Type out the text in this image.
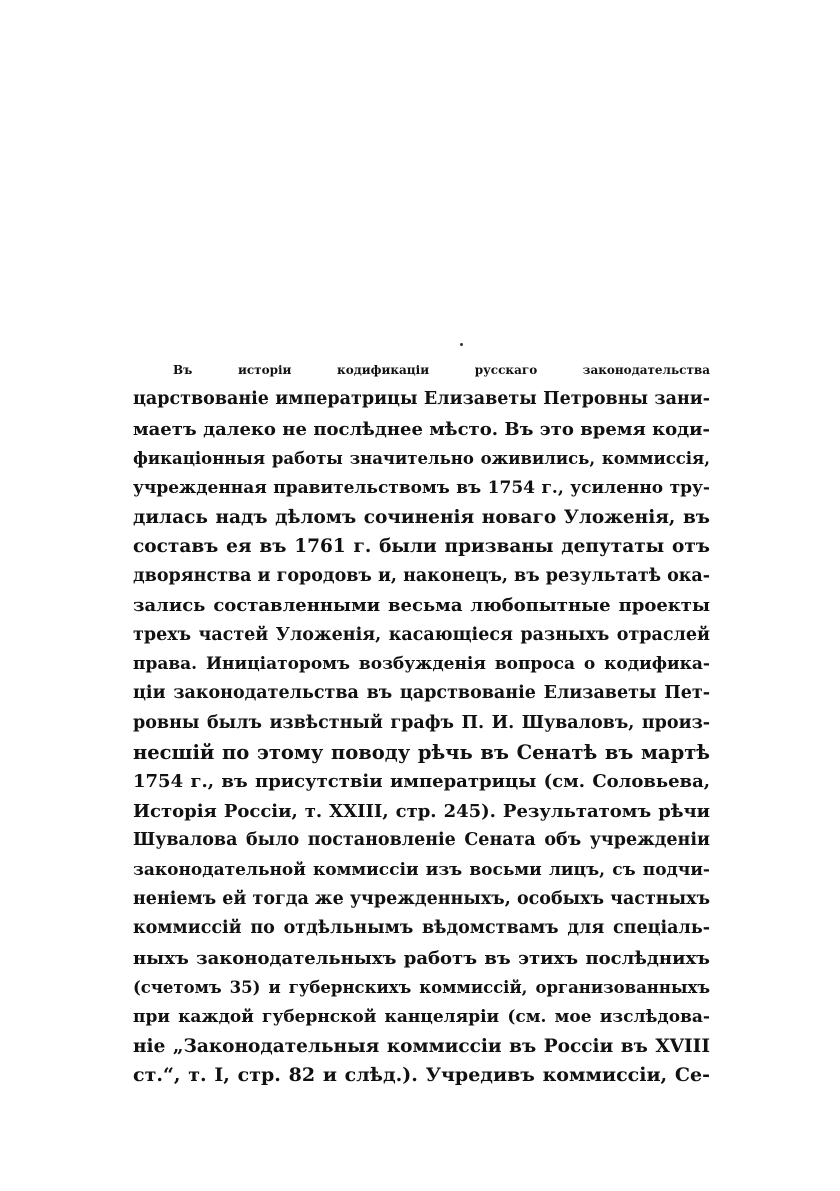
Въ исторіи кодификаціи русскаго законодательства
царствованіе императрицы Елизаветы Петровны зани-
маетъ далеко не послѣднее мѣсто. Въ это время коди-
фикаціонныя работы значительно оживились, коммиссія,
учрежденная правительствомъ въ 1754 г., усиленно тру-
дилась надъ дѣломъ сочиненія новаго Уложенія, въ
составъ ея въ 1761 г. были призваны депутаты отъ
дворянства и городовъ и, наконецъ, въ результатѣ ока-
зались составленными весьма любопытные проекты
трехъ частей Уложенія, касающіеся разныхъ отраслей
права. Иниціаторомъ возбужденія вопроса о кодифика-
ціи законодательства въ царствованіе Елизаветы Пет-
ровны былъ извѣстный графъ П. И. Шуваловъ, произ-
несшій по этому поводу рѣчь въ Сенатѣ въ мартѣ
1754 г., въ присутствіи императрицы (см. Соловьева,
Исторія Россіи, т. XXIII, стр. 245). Результатомъ рѣчи
Шувалова было постановленіе Сената объ учрежденіи
законодательной коммиссіи изъ восьми лицъ, съ подчи-
неніемъ ей тогда же учрежденныхъ, особыхъ частныхъ
коммиссій по отдѣльнымъ вѣдомствамъ для спеціаль-
ныхъ законодательныхъ работъ въ этихъ послѣднихъ
(счетомъ 35) и губернскихъ коммиссій, организованныхъ
при каждой губернской канцеляріи (см. мое изслѣдова-
ніе „Законодательныя коммиссіи въ Россіи въ XVIII
ст.“, т. I, стр. 82 и слѣд.). Учредивъ коммиссіи, Се-
